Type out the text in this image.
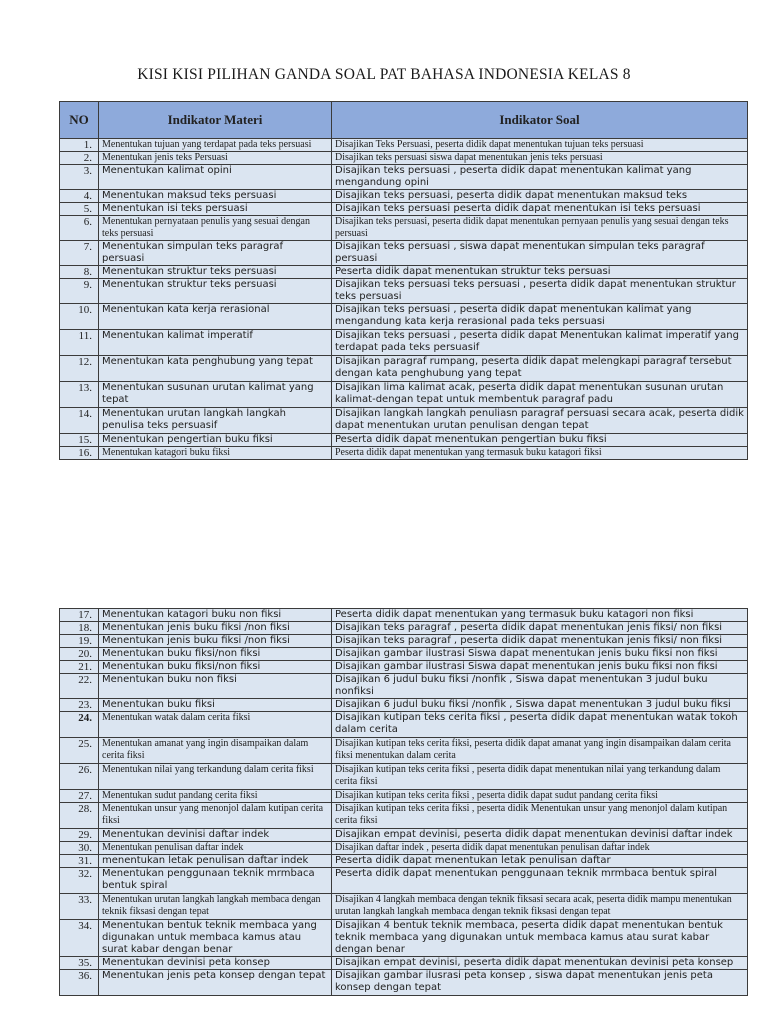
KISI KISI PILIHAN GANDA SOAL PAT BAHASA INDONESIA KELAS 8
NO	Indikator Materi	Indikator Soal
1.	Menentukan tujuan yang terdapat pada teks persuasi	Disajikan Teks Persuasi, peserta didik dapat menentukan tujuan teks persuasi
2.	Menentukan jenis teks Persuasi	Disajikan teks persuasi siswa dapat menentukan jenis teks persuasi
3.	Menentukan kalimat opini	Disajikan teks persuasi , peserta didik dapat menentukan kalimat yang mengandung opini
4.	Menentukan maksud teks persuasi	Disajikan teks persuasi, peserta didik dapat menentukan maksud teks
5.	Menentukan isi teks persuasi	Disajikan teks persuasi peserta didik dapat menentukan isi teks persuasi
6.	Menentukan pernyataan penulis yang sesuai dengan teks persuasi	Disajikan teks persuasi, peserta didik dapat menentukan pernyaan penulis yang sesuai dengan teks persuasi
7.	Menentukan simpulan teks paragraf persuasi	Disajikan teks persuasi , siswa dapat menentukan simpulan teks paragraf persuasi
8.	Menentukan struktur teks persuasi	Peserta didik dapat menentukan struktur teks persuasi
9.	Menentukan struktur teks persuasi	Disajikan teks persuasi teks persuasi , peserta didik dapat menentukan struktur teks persuasi
10.	Menentukan kata kerja rerasional	Disajikan teks persuasi , peserta didik dapat menentukan kalimat yang mengandung kata kerja rerasional pada teks persuasi
11.	Menentukan kalimat imperatif	Disajikan teks persuasi , peserta didik dapat Menentukan kalimat imperatif yang terdapat pada teks persuasif
12.	Menentukan kata penghubung yang tepat	Disajikan paragraf rumpang, peserta didik dapat melengkapi paragraf tersebut dengan kata penghubung yang tepat
13.	Menentukan susunan urutan kalimat yang tepat	Disajikan lima kalimat acak, peserta didik dapat menentukan susunan urutan kalimat-dengan tepat untuk membentuk paragraf padu
14.	Menentukan urutan langkah langkah penulisa teks persuasif	Disajikan langkah langkah penuliasn paragraf persuasi secara acak, peserta didik dapat menentukan urutan penulisan dengan tepat
15.	Menentukan pengertian buku fiksi	Peserta didik dapat menentukan pengertian buku fiksi
16.	Menentukan katagori buku fiksi	Peserta didik dapat menentukan yang termasuk buku katagori fiksi
17.	Menentukan katagori buku non fiksi	Peserta didik dapat menentukan yang termasuk buku katagori non fiksi
18.	Menentukan jenis buku fiksi /non fiksi	Disajikan teks paragraf , peserta didik dapat menentukan jenis fiksi/ non fiksi
19.	Menentukan jenis buku fiksi /non fiksi	Disajikan teks paragraf , peserta didik dapat menentukan jenis fiksi/ non fiksi
20.	Menentukan buku fiksi/non fiksi	Disajikan gambar ilustrasi Siswa dapat menentukan jenis buku fiksi non fiksi
21.	Menentukan buku fiksi/non fiksi	Disajikan gambar ilustrasi Siswa dapat menentukan jenis buku fiksi non fiksi
22.	Menentukan buku non fiksi	Disajikan 6 judul buku fiksi /nonfik , Siswa dapat menentukan 3 judul buku nonfiksi
23.	Menentukan buku fiksi	Disajikan 6 judul buku fiksi /nonfik , Siswa dapat menentukan 3 judul buku fiksi
24.	Menentukan watak dalam cerita fiksi	Disajikan kutipan teks cerita fiksi , peserta didik dapat menentukan watak tokoh dalam cerita
25.	Menentukan amanat yang ingin disampaikan dalam cerita fiksi	Disajikan kutipan teks cerita fiksi, peserta didik dapat amanat yang ingin disampaikan dalam cerita fiksi menentukan dalam cerita
26.	Menentukan nilai yang terkandung dalam cerita fiksi	Disajikan kutipan teks cerita fiksi , peserta didik dapat menentukan nilai yang terkandung dalam cerita fiksi
27.	Menentukan sudut pandang cerita fiksi	Disajikan kutipan teks cerita fiksi , peserta didik dapat sudut pandang cerita fiksi
28.	Menentukan unsur yang menonjol dalam kutipan cerita fiksi	Disajikan kutipan teks cerita fiksi , peserta didik Menentukan unsur yang menonjol dalam kutipan cerita fiksi
29.	Menentukan devinisi daftar indek	Disajikan empat devinisi, peserta didik dapat menentukan devinisi daftar indek
30.	Menentukan penulisan daftar indek	Disajikan daftar indek , peserta didik dapat menentukan penulisan daftar indek
31.	menentukan letak penulisan daftar indek	Peserta didik dapat menentukan letak penulisan daftar
32.	Menentukan penggunaan teknik mrmbaca bentuk spiral	Peserta didik dapat menentukan penggunaan teknik mrmbaca bentuk spiral
33.	Menentukan urutan langkah langkah membaca dengan teknik fiksasi dengan tepat	Disajikan 4 langkah membaca dengan teknik fiksasi secara acak, peserta didik mampu menentukan urutan langkah langkah membaca dengan teknik fiksasi dengan tepat
34.	Menentukan bentuk teknik membaca yang digunakan untuk membaca kamus atau surat kabar dengan benar	Disajikan 4 bentuk teknik membaca, peserta didik dapat menentukan bentuk teknik membaca yang digunakan untuk membaca kamus atau surat kabar dengan benar
35.	Menentukan devinisi peta konsep	Disajikan empat devinisi, peserta didik dapat menentukan devinisi peta konsep
36.	Menentukan jenis peta konsep dengan tepat	Disajikan gambar ilusrasi peta konsep , siswa dapat menentukan jenis peta konsep dengan tepat
